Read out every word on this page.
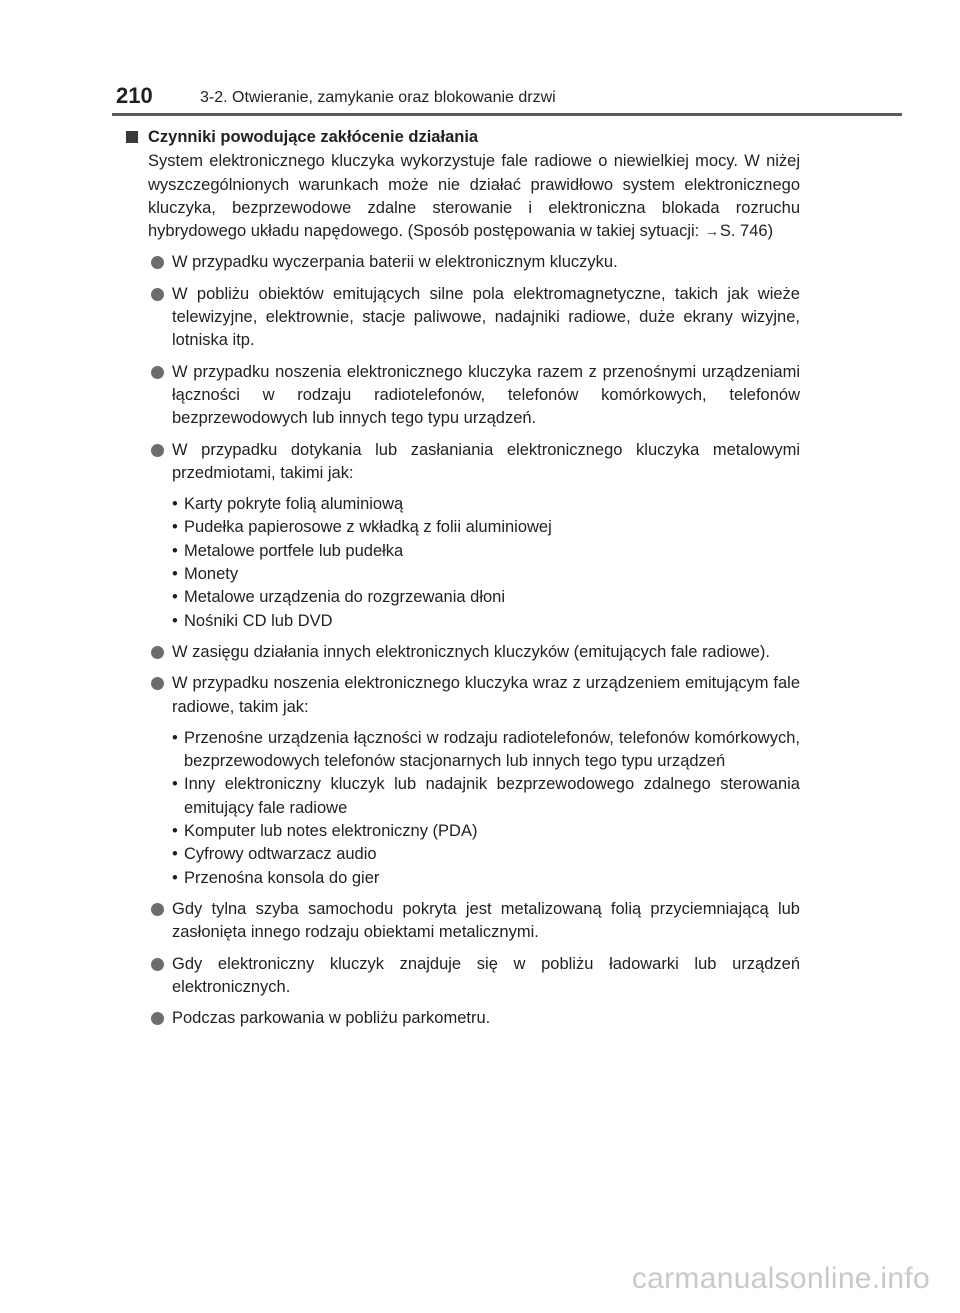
210	3-2. Otwieranie, zamykanie oraz blokowanie drzwi
Czynniki powodujące zakłócenie działania
System elektronicznego kluczyka wykorzystuje fale radiowe o niewielkiej mocy. W niżej wyszczególnionych warunkach może nie działać prawidłowo system elektronicznego kluczyka, bezprzewodowe zdalne sterowanie i elektroniczna blokada rozruchu hybrydowego układu napędowego. (Sposób postępowania w takiej sytuacji: →S. 746)
W przypadku wyczerpania baterii w elektronicznym kluczyku.
W pobliżu obiektów emitujących silne pola elektromagnetyczne, takich jak wieże telewizyjne, elektrownie, stacje paliwowe, nadajniki radiowe, duże ekrany wizyjne, lotniska itp.
W przypadku noszenia elektronicznego kluczyka razem z przenośnymi urządzeniami łączności w rodzaju radiotelefonów, telefonów komórkowych, telefonów bezprzewodowych lub innych tego typu urządzeń.
W przypadku dotykania lub zasłaniania elektronicznego kluczyka metalowymi przedmiotami, takimi jak:
• Karty pokryte folią aluminiową
• Pudełka papierosowe z wkładką z folii aluminiowej
• Metalowe portfele lub pudełka
• Monety
• Metalowe urządzenia do rozgrzewania dłoni
• Nośniki CD lub DVD
W zasięgu działania innych elektronicznych kluczyków (emitujących fale radiowe).
W przypadku noszenia elektronicznego kluczyka wraz z urządzeniem emitującym fale radiowe, takim jak:
• Przenośne urządzenia łączności w rodzaju radiotelefonów, telefonów komórkowych, bezprzewodowych telefonów stacjonarnych lub innych tego typu urządzeń
• Inny elektroniczny kluczyk lub nadajnik bezprzewodowego zdalnego sterowania emitujący fale radiowe
• Komputer lub notes elektroniczny (PDA)
• Cyfrowy odtwarzacz audio
• Przenośna konsola do gier
Gdy tylna szyba samochodu pokryta jest metalizowaną folią przyciemniającą lub zasłonięta innego rodzaju obiektami metalicznymi.
Gdy elektroniczny kluczyk znajduje się w pobliżu ładowarki lub urządzeń elektronicznych.
Podczas parkowania w pobliżu parkometru.
carmanualsonline.info
